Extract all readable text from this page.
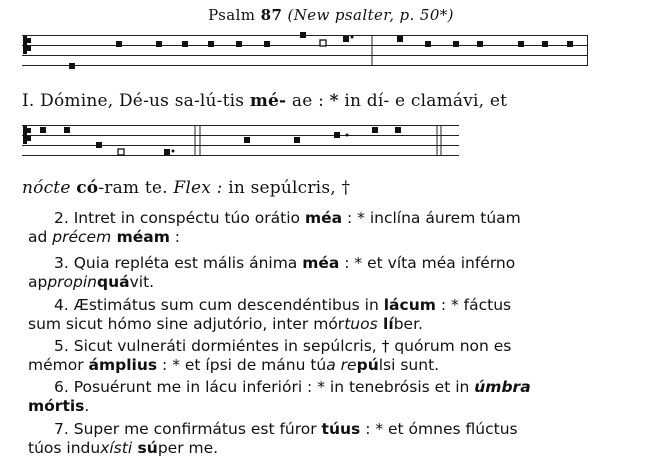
Psalm 87 (New psalter, p. 50*)
I. Dómine, Dé-us sa-lú-tis mé- ae : * in dí- e clamávi, et
nócte có-ram te. Flex : in sepúlcris, †
2. Intret in conspéctu túo orátio méa : * inclína áurem túam
ad précem méam :
3. Quia repléta est mális ánima méa : * et víta méa inférno
appropinquávit.
4. Æstimátus sum cum descendéntibus in lácum : * fáctus
sum sicut hómo sine adjutório, inter mórtuos líber.
5. Sicut vulneráti dormiéntes in sepúlcris, † quórum non es
mémor ámplius : * et ípsi de mánu túa repúlsi sunt.
6. Posuérunt me in lácu inferióri : * in tenebrósis et in úmbra
mórtis.
7. Super me confirmátus est fúror túus : * et ómnes flúctus
túos induxísti súper me.
